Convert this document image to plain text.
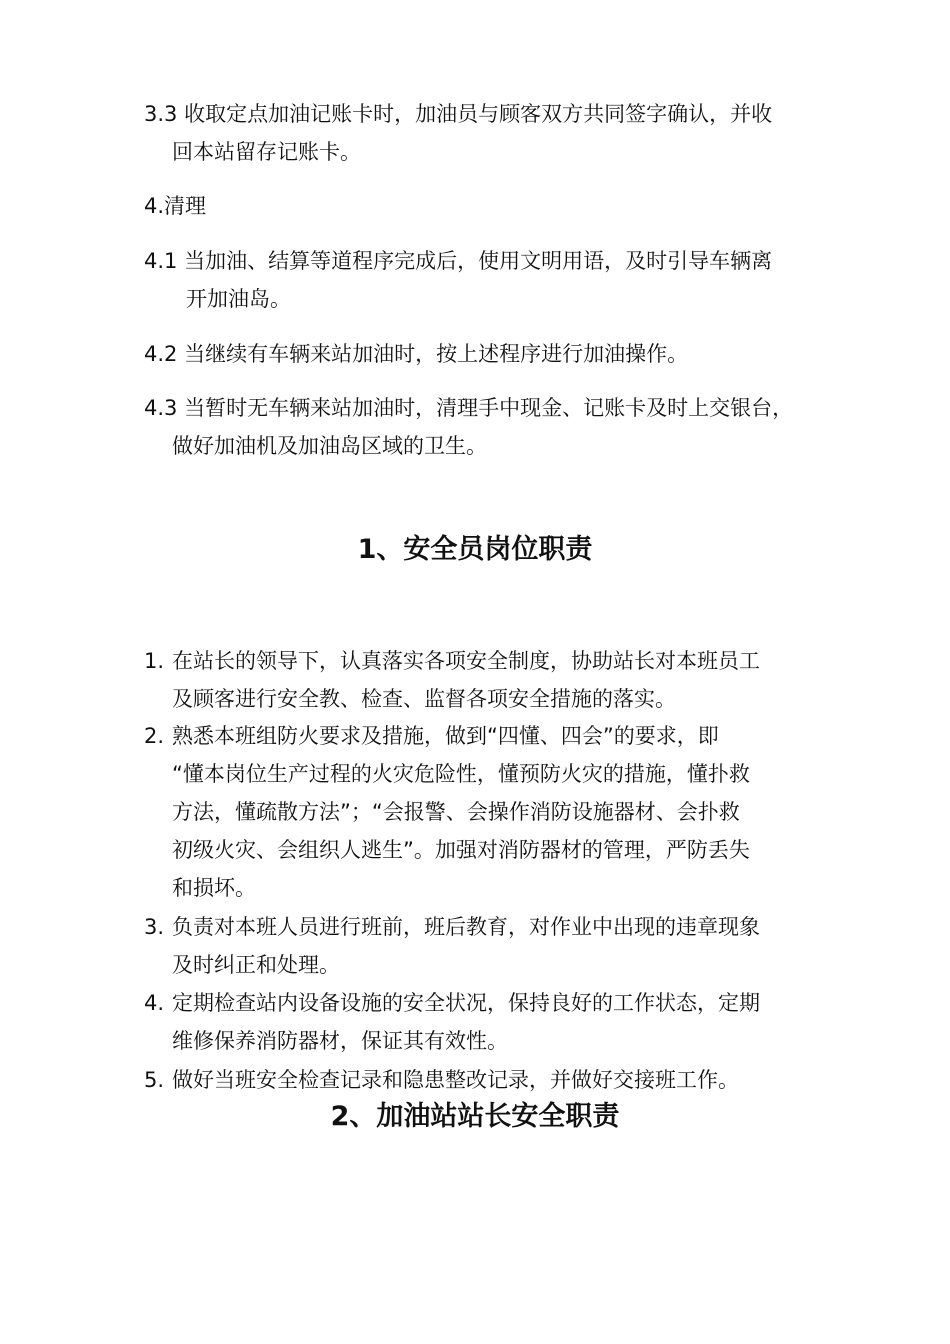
3.3 收取定点加油记账卡时，加油员与顾客双方共同签字确认，并收
回本站留存记账卡。
4.清理
4.1 当加油、结算等道程序完成后，使用文明用语，及时引导车辆离
开加油岛。
4.2 当继续有车辆来站加油时，按上述程序进行加油操作。
4.3 当暂时无车辆来站加油时，清理手中现金、记账卡及时上交银台，
做好加油机及加油岛区域的卫生。
1、安全员岗位职责
1. 在站长的领导下，认真落实各项安全制度，协助站长对本班员工
及顾客进行安全教、检查、监督各项安全措施的落实。
2. 熟悉本班组防火要求及措施，做到“四懂、四会”的要求，即
“懂本岗位生产过程的火灾危险性，懂预防火灾的措施，懂扑救
方法，懂疏散方法”；“会报警、会操作消防设施器材、会扑救
初级火灾、会组织人逃生”。加强对消防器材的管理，严防丢失
和损坏。
3. 负责对本班人员进行班前，班后教育，对作业中出现的违章现象
及时纠正和处理。
4. 定期检查站内设备设施的安全状况，保持良好的工作状态，定期
维修保养消防器材，保证其有效性。
5. 做好当班安全检查记录和隐患整改记录，并做好交接班工作。
2、加油站站长安全职责
